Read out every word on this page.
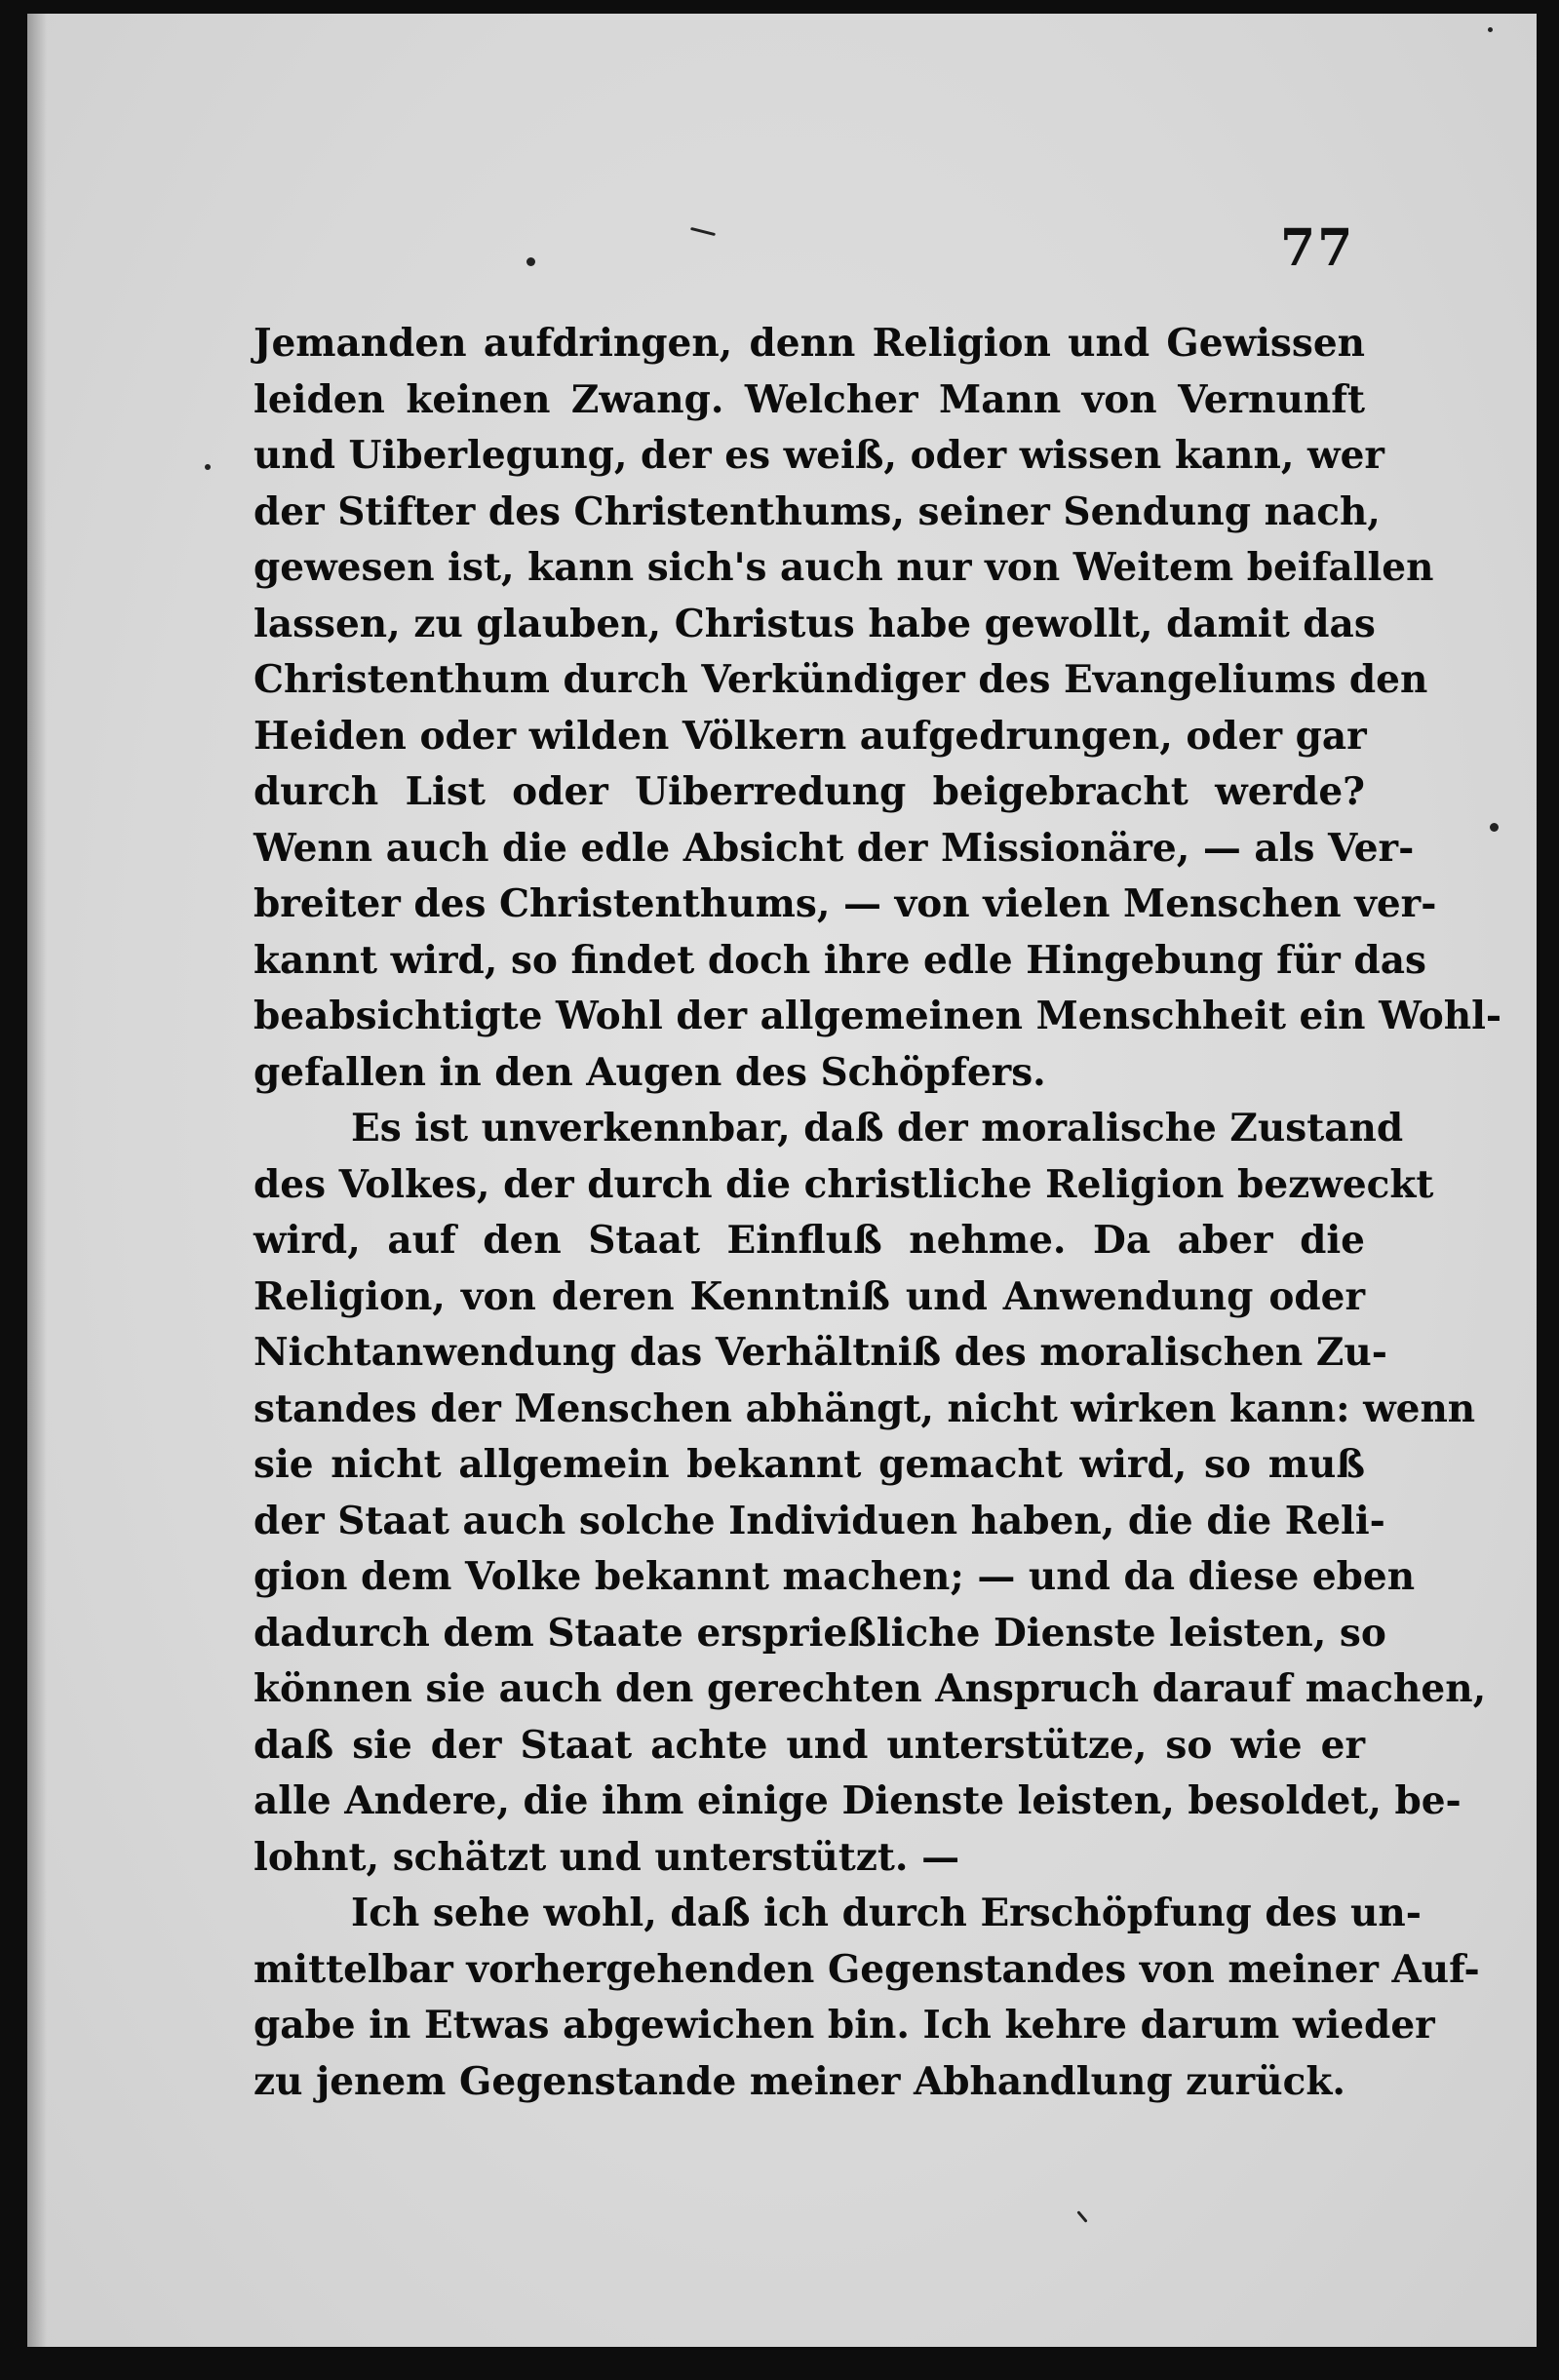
77
Jemanden aufdringen, denn Religion und Gewissen
leiden keinen Zwang. Welcher Mann von Vernunft
und Uiberlegung, der es weiß, oder wissen kann, wer
der Stifter des Christenthums, seiner Sendung nach,
gewesen ist, kann sich's auch nur von Weitem beifallen
lassen, zu glauben, Christus habe gewollt, damit das
Christenthum durch Verkündiger des Evangeliums den
Heiden oder wilden Völkern aufgedrungen, oder gar
durch List oder Uiberredung beigebracht werde?
Wenn auch die edle Absicht der Missionäre, — als Ver-
breiter des Christenthums, — von vielen Menschen ver-
kannt wird, so findet doch ihre edle Hingebung für das
beabsichtigte Wohl der allgemeinen Menschheit ein Wohl-
gefallen in den Augen des Schöpfers.
Es ist unverkennbar, daß der moralische Zustand
des Volkes, der durch die christliche Religion bezweckt
wird, auf den Staat Einfluß nehme. Da aber die
Religion, von deren Kenntniß und Anwendung oder
Nichtanwendung das Verhältniß des moralischen Zu-
standes der Menschen abhängt, nicht wirken kann: wenn
sie nicht allgemein bekannt gemacht wird, so muß
der Staat auch solche Individuen haben, die die Reli-
gion dem Volke bekannt machen; — und da diese eben
dadurch dem Staate ersprießliche Dienste leisten, so
können sie auch den gerechten Anspruch darauf machen,
daß sie der Staat achte und unterstütze, so wie er
alle Andere, die ihm einige Dienste leisten, besoldet, be-
lohnt, schätzt und unterstützt. —
Ich sehe wohl, daß ich durch Erschöpfung des un-
mittelbar vorhergehenden Gegenstandes von meiner Auf-
gabe in Etwas abgewichen bin. Ich kehre darum wieder
zu jenem Gegenstande meiner Abhandlung zurück.
